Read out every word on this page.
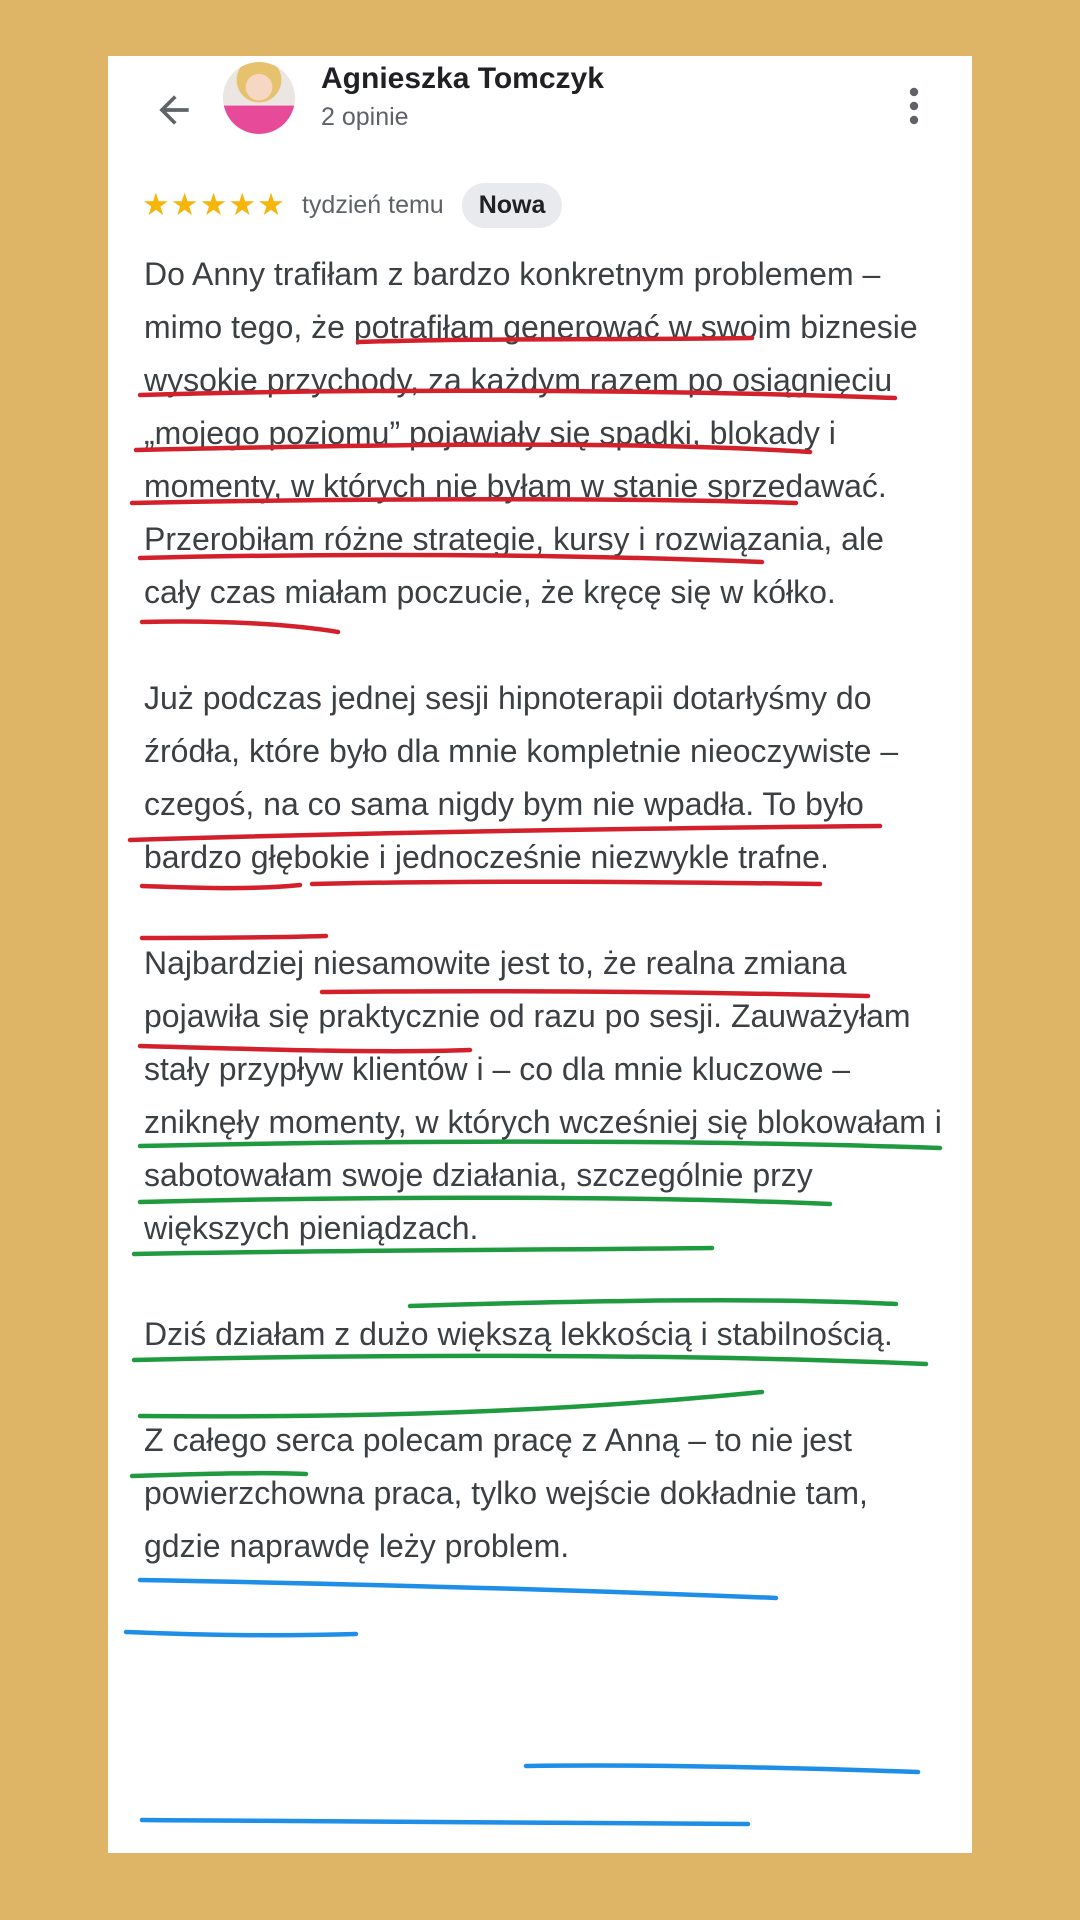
Agnieszka Tomczyk
2 opinie
★★★★★ tydzień temu	Nowa

Do Anny trafiłam z bardzo konkretnym problemem – mimo tego, że potrafiłam generować w swoim biznesie wysokie przychody, za każdym razem po osiągnięciu „mojego poziomu” pojawiały się spadki, blokady i momenty, w których nie byłam w stanie sprzedawać. Przerobiłam różne strategie, kursy i rozwiązania, ale cały czas miałam poczucie, że kręcę się w kółko.

Już podczas jednej sesji hipnoterapii dotarłyśmy do źródła, które było dla mnie kompletnie nieoczywiste – czegoś, na co sama nigdy bym nie wpadła. To było bardzo głębokie i jednocześnie niezwykle trafne.

Najbardziej niesamowite jest to, że realna zmiana pojawiła się praktycznie od razu po sesji. Zauważyłam stały przypływ klientów i – co dla mnie kluczowe – zniknęły momenty, w których wcześniej się blokowałam i sabotowałam swoje działania, szczególnie przy większych pieniądzach.

Dziś działam z dużo większą lekkością i stabilnością.

Z całego serca polecam pracę z Anną – to nie jest powierzchowna praca, tylko wejście dokładnie tam, gdzie naprawdę leży problem.
